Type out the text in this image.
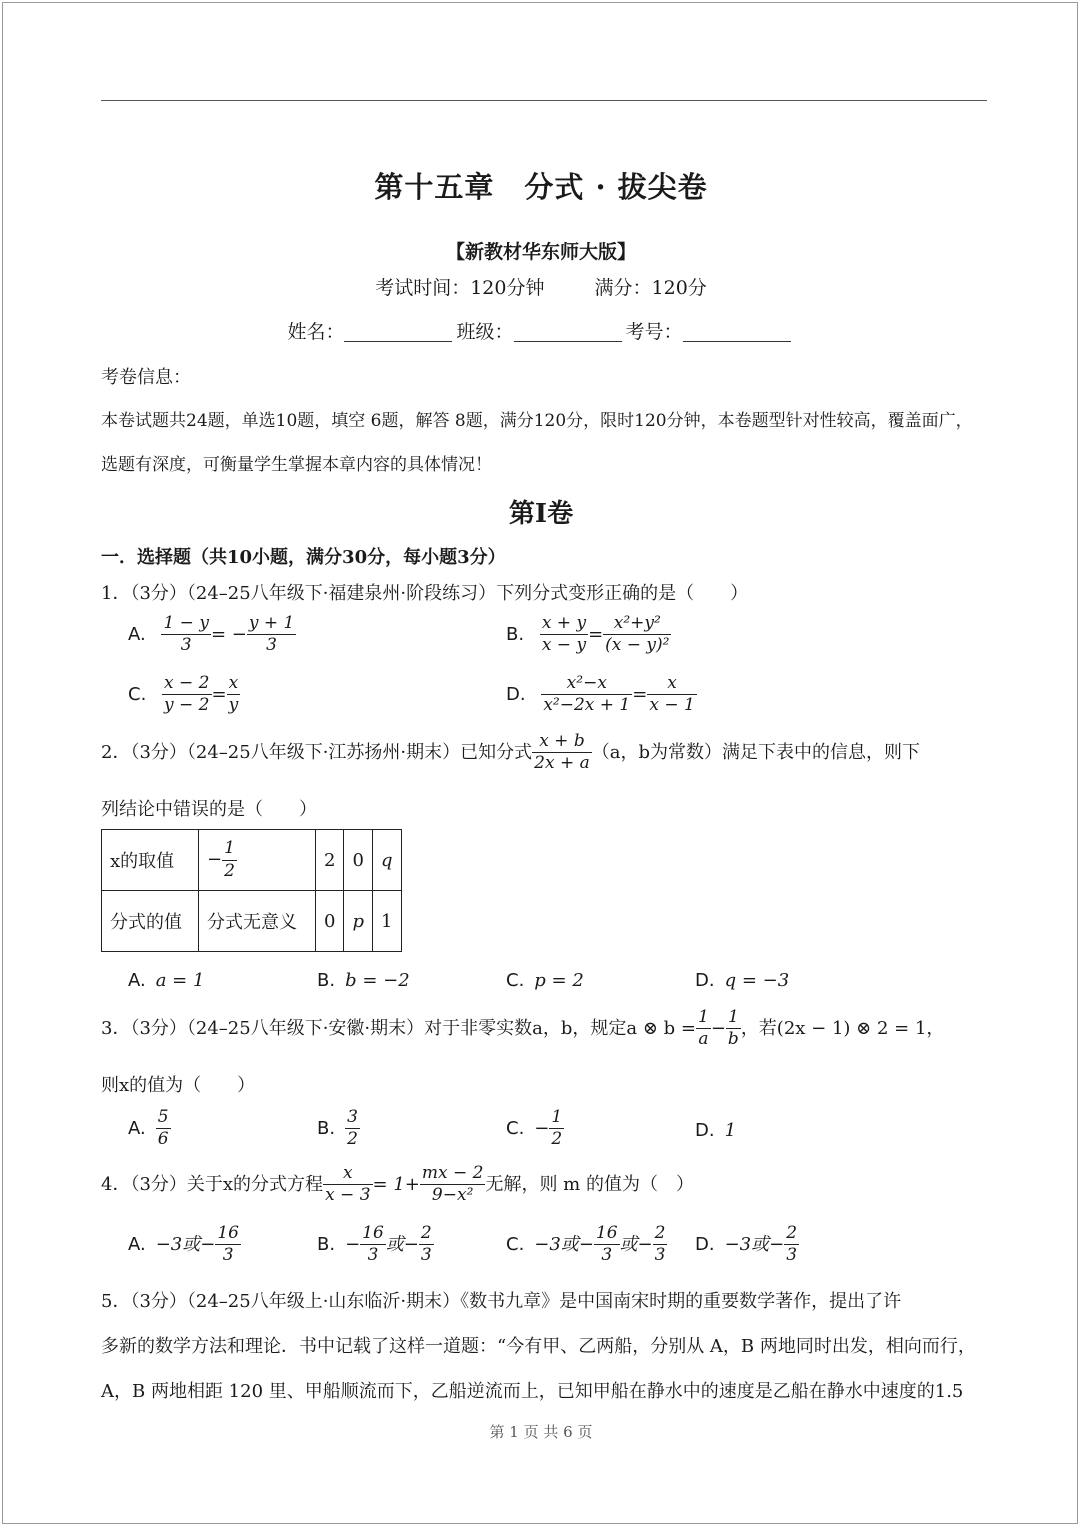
第十五章　分式 · 拔尖卷
【新教材华东师大版】
考试时间：120分钟	满分：120分
姓名：	班级：	考号：
考卷信息：
本卷试题共24题，单选10题，填空 6题，解答 8题，满分120分，限时120分钟，本卷题型针对性较高，覆盖面广，
选题有深度，可衡量学生掌握本章内容的具体情况！
第Ⅰ卷
一．选择题（共10小题，满分30分，每小题3分）
1．（3分）（24–25八年级下·福建泉州·阶段练习）下列分式变形正确的是（　　）
A. $\frac{1 - y}{3}$ = − $\frac{y + 1}{3}$	B. $\frac{x + y}{x - y} = \frac{\text{x²+y²}}{\text{(x − y)²}}$
C. $\frac{x - 2}{y - 2} = \frac{x}{y}$	D. $\frac{\text{x²−x}}{\text{x²−2x + 1}} = \frac{x}{x - 1}$
2．（3分）（24–25八年级下·江苏扬州·期末）已知分式 $\frac{x + b}{2x + a} (a$，b为常数）满足下表中的信息，则下
列结论中错误的是（　　）
x的取值	− $\frac{1}{2}$	2	0	q
分式的值	分式无意义	0	p	1
A. a = 1	B. b = −2	C. p = 2	D. q = −3
3．（3分）（24–25八年级下·安徽·期末）对于非零实数a，b，规定a ⊗ $b = \frac{1}{a} - \frac{1}{b}$ ，若(2x − 1) ⊗ 2 = 1，
则x的值为（　　）
A. $\frac{5}{6}$	B. $\frac{3}{2}$	C. − $\frac{1}{2}$	D. 1
4．（3分）关于x的分式方程 $\frac{x}{x - 3} = 1+ \frac{mx - 2}{\text{9−x²}}$ 无解，则 m 的值为（　）
A. −3或− $\frac{16}{3}$	B. − $\frac{16}{3}$ 或− $\frac{2}{3}$	C. −3或− $\frac{16}{3}$ 或− $\frac{2}{3} D$. −3或− $\frac{2}{3}$
5．（3分）（24–25八年级上·山东临沂·期末）《数书九章》是中国南宋时期的重要数学著作，提出了许
多新的数学方法和理论．书中记载了这样一道题：“今有甲、乙两船，分别从 A，B 两地同时出发，相向而行，
A，B 两地相距 120 里、甲船顺流而下，乙船逆流而上，已知甲船在静水中的速度是乙船在静水中速度的1.5
第 1 页 共 6 页
